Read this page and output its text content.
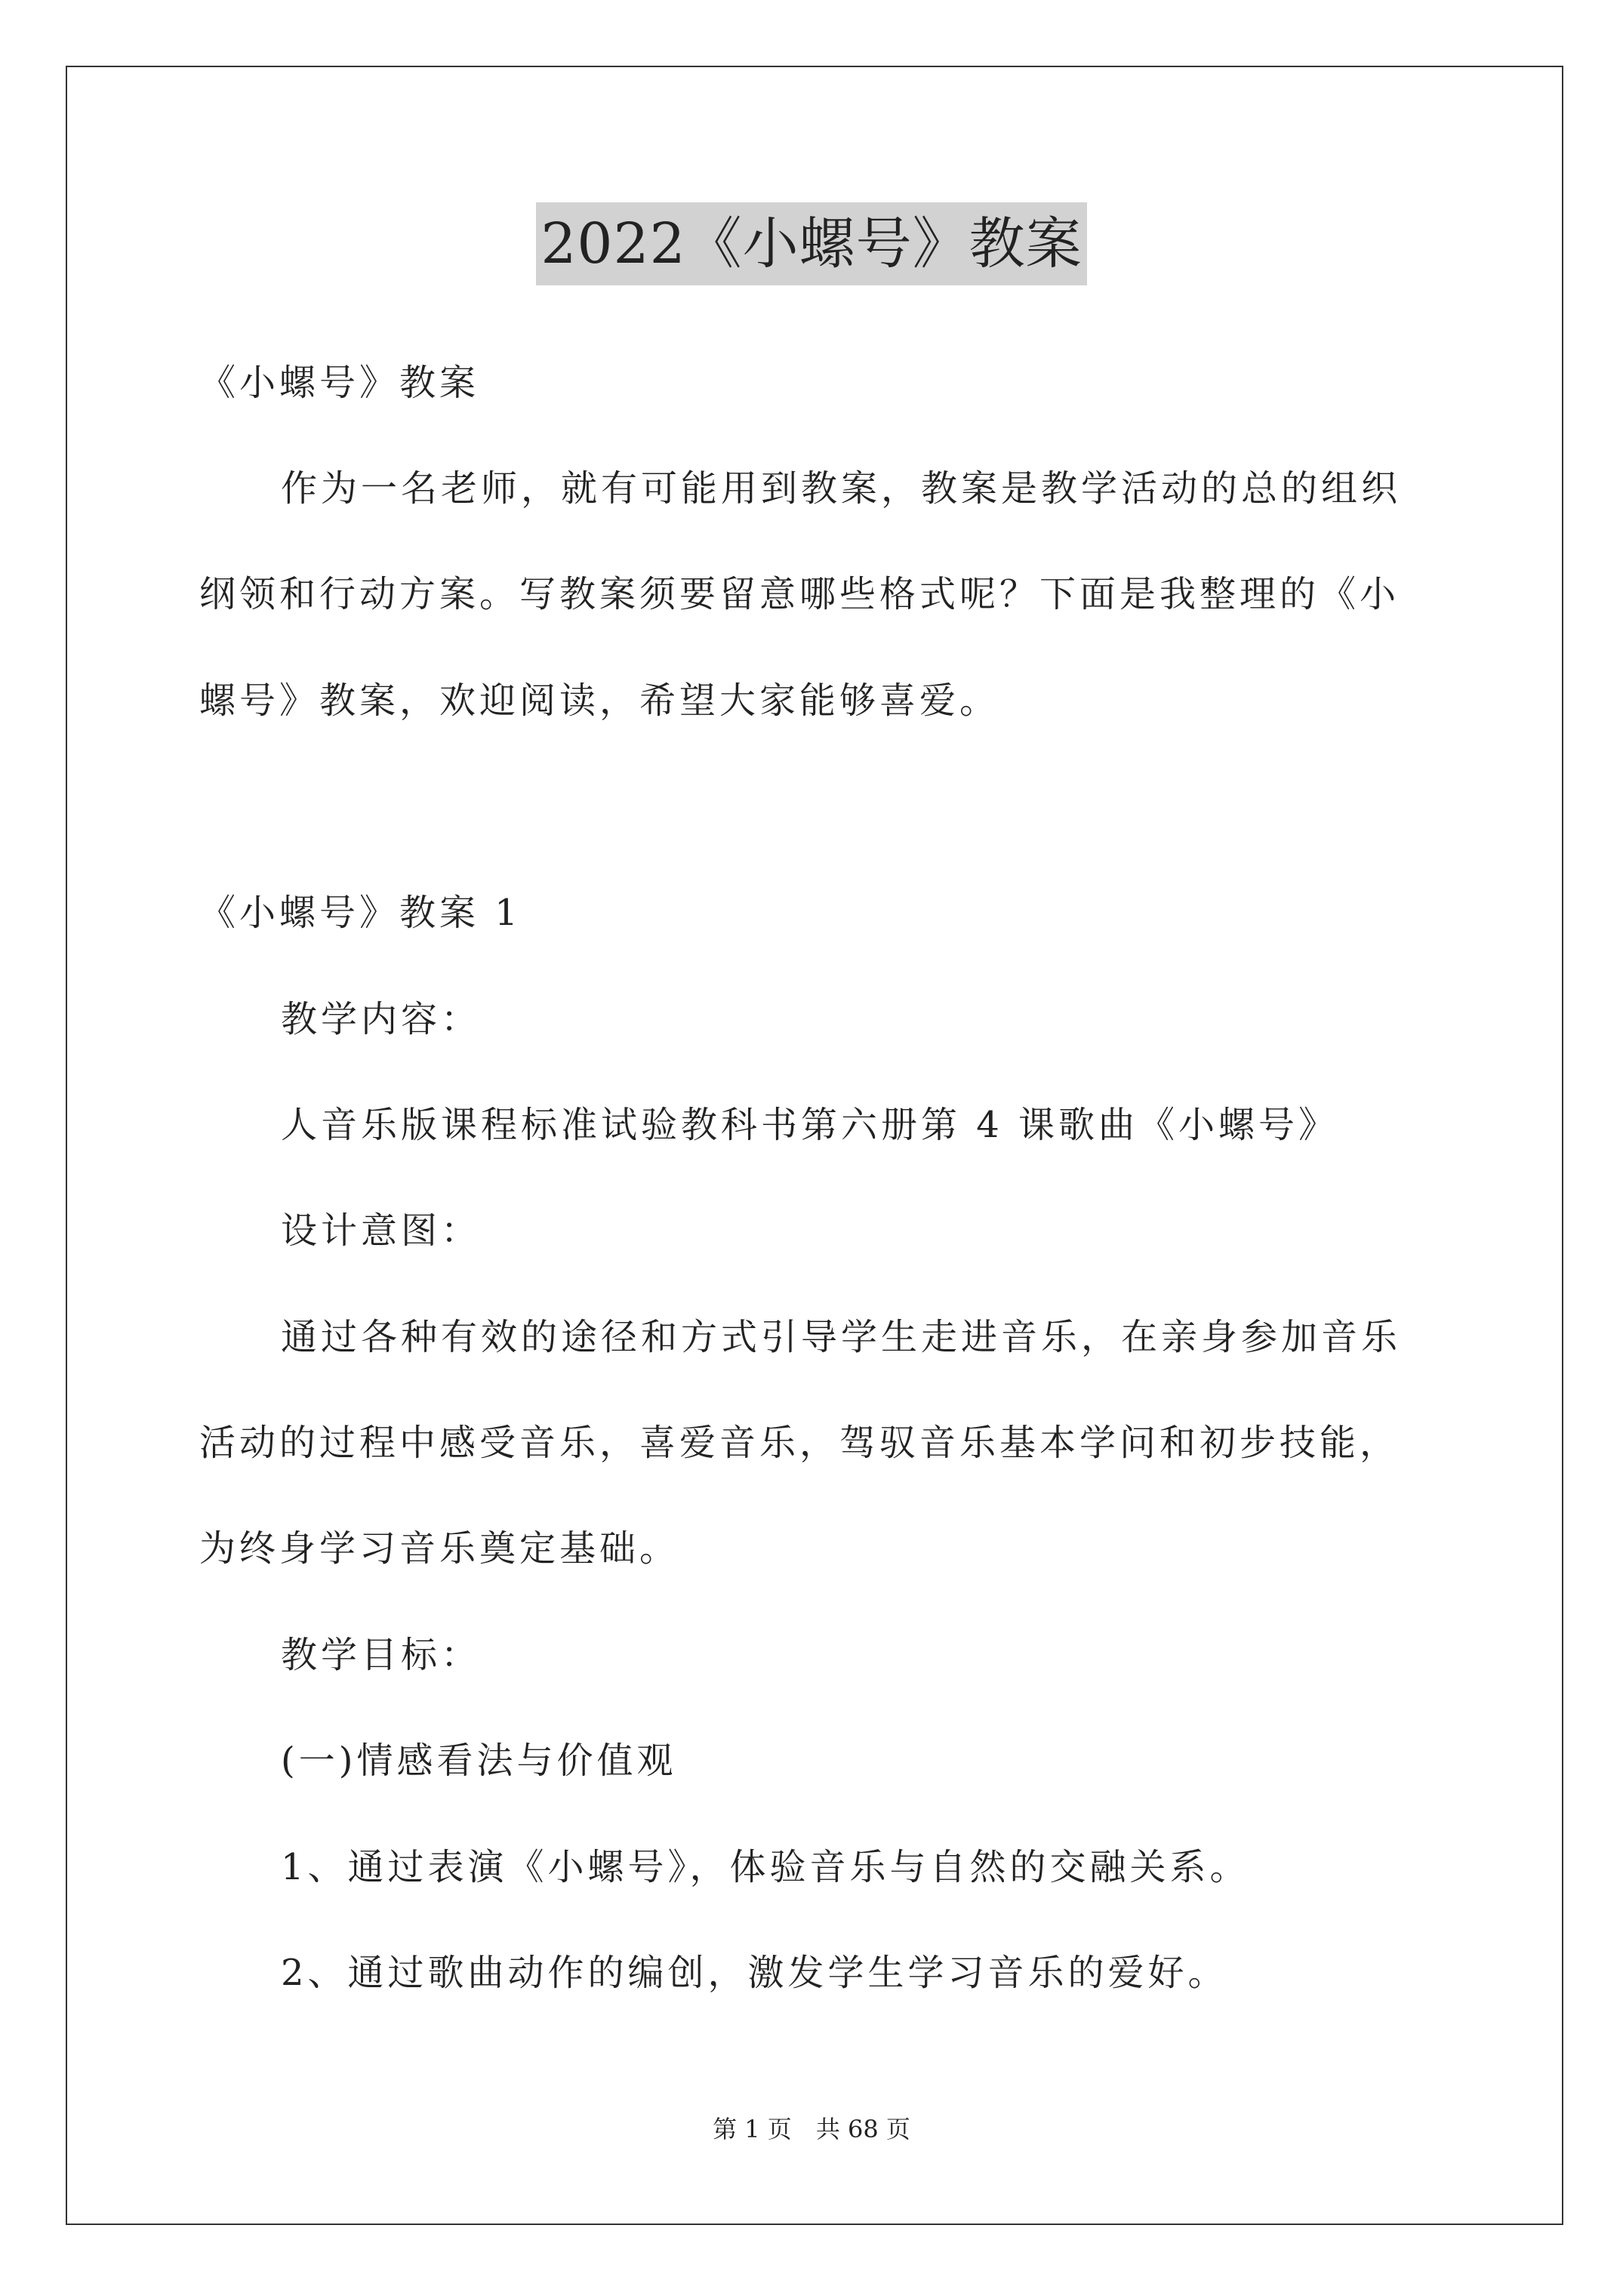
2022《小螺号》教案
《小螺号》教案
作为一名老师，就有可能用到教案，教案是教学活动的总的组织
纲领和行动方案。写教案须要留意哪些格式呢？下面是我整理的《小
螺号》教案，欢迎阅读，希望大家能够喜爱。
《小螺号》教案 1
教学内容：
人音乐版课程标准试验教科书第六册第 4 课歌曲《小螺号》
设计意图：
通过各种有效的途径和方式引导学生走进音乐，在亲身参加音乐
活动的过程中感受音乐，喜爱音乐，驾驭音乐基本学问和初步技能，
为终身学习音乐奠定基础。
教学目标：
(一)情感看法与价值观
1、通过表演《小螺号》，体验音乐与自然的交融关系。
2、通过歌曲动作的编创，激发学生学习音乐的爱好。
第 1 页 共 68 页
